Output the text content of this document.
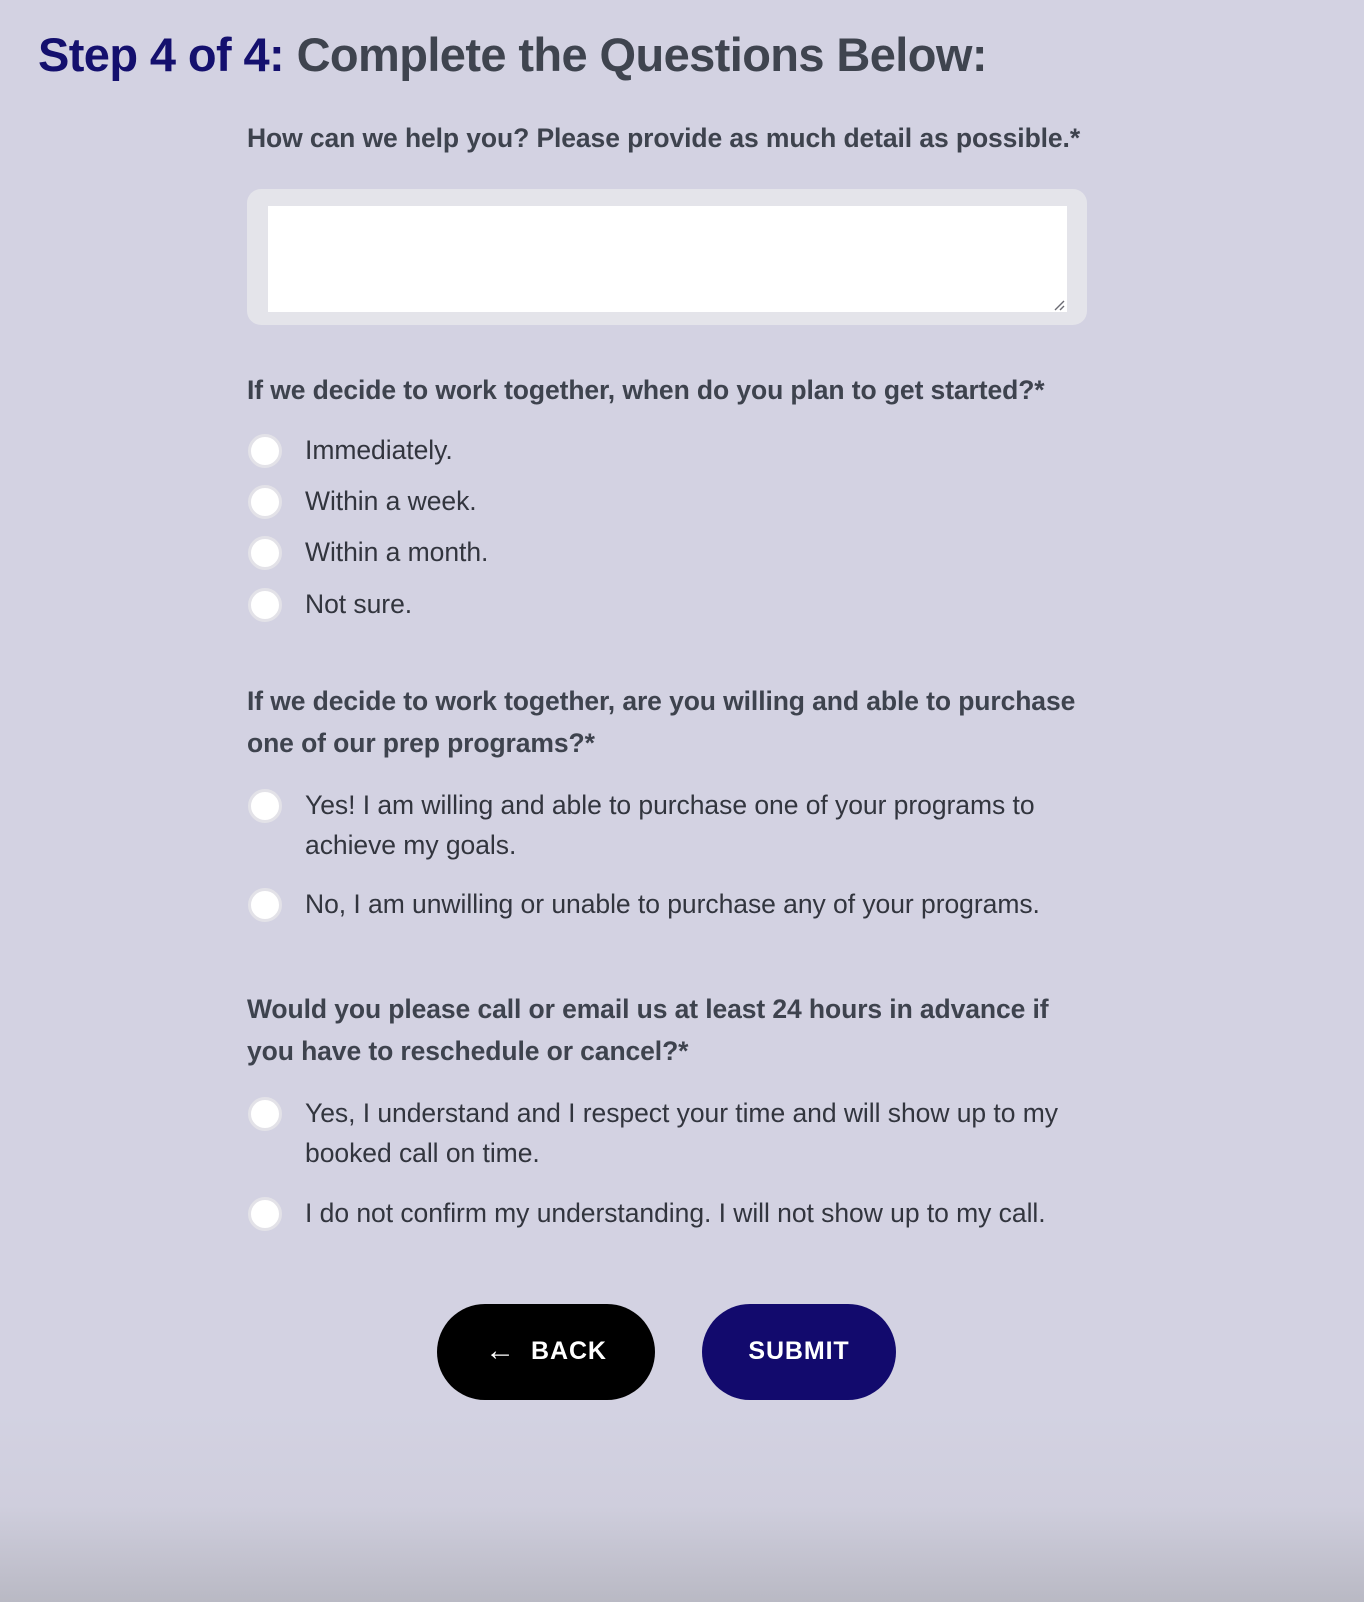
Step 4 of 4: Complete the Questions Below:

How can we help you? Please provide as much detail as possible.*

If we decide to work together, when do you plan to get started?*

Immediately.
Within a week.
Within a month.
Not sure.

If we decide to work together, are you willing and able to purchase one of our prep programs?*

Yes! I am willing and able to purchase one of your programs to achieve my goals.
No, I am unwilling or unable to purchase any of your programs.

Would you please call or email us at least 24 hours in advance if you have to reschedule or cancel?*

Yes, I understand and I respect your time and will show up to my booked call on time.
I do not confirm my understanding. I will not show up to my call.
← BACK	SUBMIT
